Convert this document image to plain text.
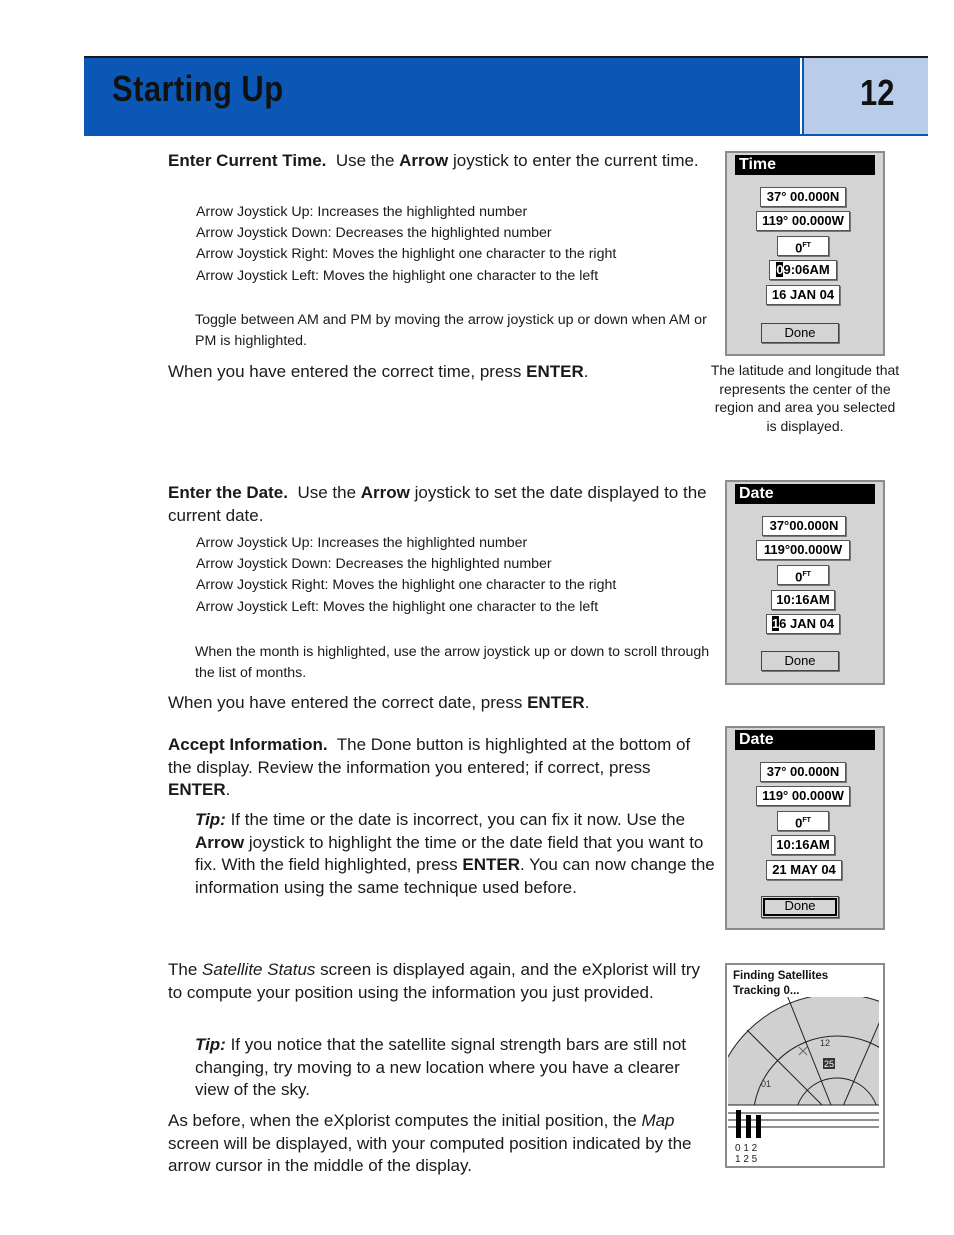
Starting Up	12
Enter Current Time. Use the Arrow joystick to enter the current time.
Arrow Joystick Up: Increases the highlighted number
Arrow Joystick Down: Decreases the highlighted number
Arrow Joystick Right: Moves the highlight one character to the right
Arrow Joystick Left: Moves the highlight one character to the left
Toggle between AM and PM by moving the arrow joystick up or down when AM or PM is highlighted.
When you have entered the correct time, press ENTER.
Time
37° 00.000N
119° 00.000W
$0^{FT}$
09:06AM
16 JAN 04
Done
The latitude and longitude that represents the center of the region and area you selected is displayed.
Enter the Date. Use the Arrow joystick to set the date displayed to the current date.
Arrow Joystick Up: Increases the highlighted number
Arrow Joystick Down: Decreases the highlighted number
Arrow Joystick Right: Moves the highlight one character to the right
Arrow Joystick Left: Moves the highlight one character to the left
When the month is highlighted, use the arrow joystick up or down to scroll through the list of months.
When you have entered the correct date, press ENTER.
Date
37°00.000N
119°00.000W
$0^{FT}$
10:16AM
16 JAN 04
Done
Accept Information. The Done button is highlighted at the bottom of the display. Review the information you entered; if correct, press ENTER.
Tip: If the time or the date is incorrect, you can fix it now. Use the Arrow joystick to highlight the time or the date field that you want to fix. With the field highlighted, press ENTER. You can now change the information using the same technique used before.
Date
37° 00.000N
119° 00.000W
$0^{FT}$
10:16AM
21 MAY 04
Done
The Satellite Status screen is displayed again, and the eXplorist will try to compute your position using the information you just provided.
Tip: If you notice that the satellite signal strength bars are still not changing, try moving to a new location where you have a clearer view of the sky.
As before, when the eXplorist computes the initial position, the Map screen will be displayed, with your computed position indicated by the arrow cursor in the middle of the display.
Finding Satellites
Tracking 0...
12
25
01
0 1 2
1 2 5
